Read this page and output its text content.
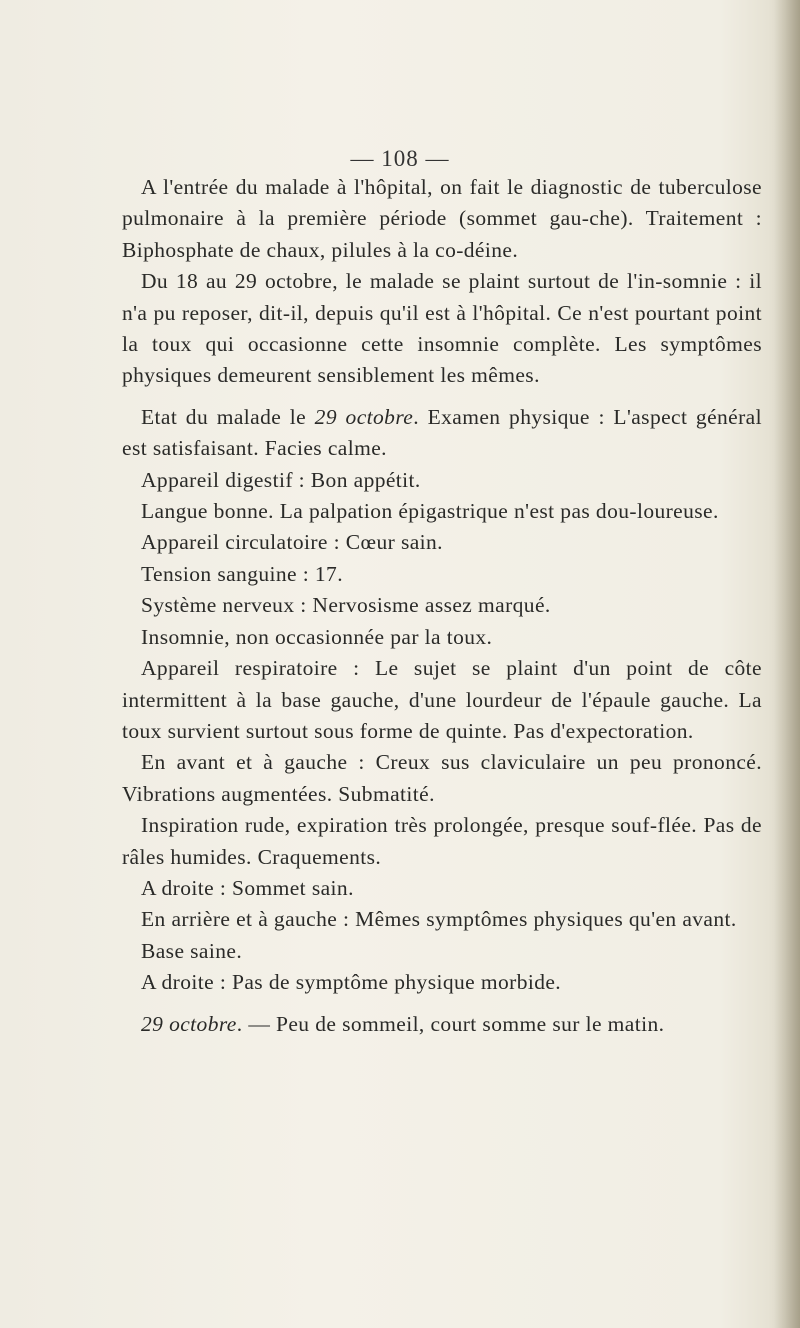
— 108 —

A l'entrée du malade à l'hôpital, on fait le diagnostic de tuberculose pulmonaire à la première période (sommet gau-che). Traitement : Biphosphate de chaux, pilules à la co-déine.

Du 18 au 29 octobre, le malade se plaint surtout de l'in-somnie : il n'a pu reposer, dit-il, depuis qu'il est à l'hôpital. Ce n'est pourtant point la toux qui occasionne cette insomnie complète. Les symptômes physiques demeurent sensiblement les mêmes.

Etat du malade le 29 octobre. Examen physique : L'aspect général est satisfaisant. Facies calme.

Appareil digestif : Bon appétit.

Langue bonne. La palpation épigastrique n'est pas dou-loureuse.

Appareil circulatoire : Cœur sain.

Tension sanguine : 17.

Système nerveux : Nervosisme assez marqué.

Insomnie, non occasionnée par la toux.

Appareil respiratoire : Le sujet se plaint d'un point de côte intermittent à la base gauche, d'une lourdeur de l'épaule gauche. La toux survient surtout sous forme de quinte. Pas d'expectoration.

En avant et à gauche : Creux sus claviculaire un peu prononcé. Vibrations augmentées. Submatité.

Inspiration rude, expiration très prolongée, presque souf-flée. Pas de râles humides. Craquements.

A droite : Sommet sain.

En arrière et à gauche : Mêmes symptômes physiques qu'en avant.

Base saine.

A droite : Pas de symptôme physique morbide.

29 octobre. — Peu de sommeil, court somme sur le matin.
